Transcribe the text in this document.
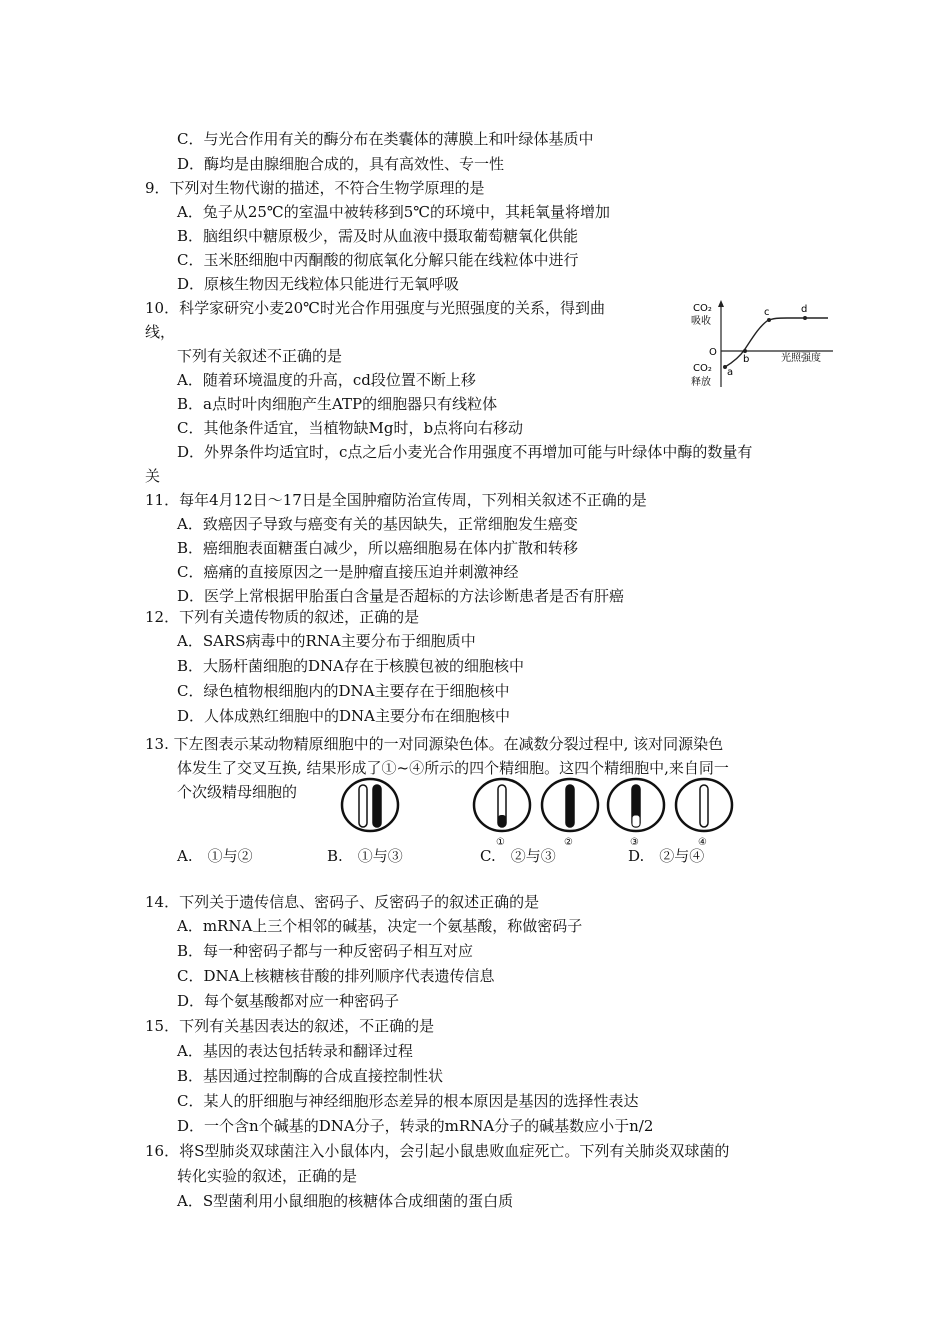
C．与光合作用有关的酶分布在类囊体的薄膜上和叶绿体基质中
D．酶均是由腺细胞合成的，具有高效性、专一性
9．下列对生物代谢的描述，不符合生物学原理的是
A．兔子从25℃的室温中被转移到5℃的环境中，其耗氧量将增加
B．脑组织中糖原极少，需及时从血液中摄取葡萄糖氧化供能
C．玉米胚细胞中丙酮酸的彻底氧化分解只能在线粒体中进行
D．原核生物因无线粒体只能进行无氧呼吸
10．科学家研究小麦20℃时光合作用强度与光照强度的关系，得到曲
线，
下列有关叙述不正确的是
A．随着环境温度的升高，cd段位置不断上移
B．a点时叶肉细胞产生ATP的细胞器只有线粒体
C．其他条件适宜，当植物缺Mg时，b点将向右移动
D．外界条件均适宜时，c点之后小麦光合作用强度不再增加可能与叶绿体中酶的数量有
关
CO₂
吸收
O
CO₂
释放
光照强度
a
b
c	d
11．每年4月12日～17日是全国肿瘤防治宣传周，下列相关叙述不正确的是
A．致癌因子导致与癌变有关的基因缺失，正常细胞发生癌变
B．癌细胞表面糖蛋白减少，所以癌细胞易在体内扩散和转移
C．癌痛的直接原因之一是肿瘤直接压迫并刺激神经
D．医学上常根据甲胎蛋白含量是否超标的方法诊断患者是否有肝癌
12．下列有关遗传物质的叙述，正确的是
A．SARS病毒中的RNA主要分布于细胞质中
B．大肠杆菌细胞的DNA存在于核膜包被的细胞核中
C．绿色植物根细胞内的DNA主要存在于细胞核中
D．人体成熟红细胞中的DNA主要分布在细胞核中
13. 下左图表示某动物精原细胞中的一对同源染色体。在减数分裂过程中, 该对同源染色
体发生了交叉互换, 结果形成了①~④所示的四个精细胞。这四个精细胞中,来自同一
个次级精母细胞的
①	②	③	④
A.　①与②	B.　①与③	C.　②与③	D.　②与④
14．下列关于遗传信息、密码子、反密码子的叙述正确的是
A．mRNA上三个相邻的碱基，决定一个氨基酸，称做密码子
B．每一种密码子都与一种反密码子相互对应
C．DNA上核糖核苷酸的排列顺序代表遗传信息
D．每个氨基酸都对应一种密码子
15．下列有关基因表达的叙述，不正确的是
A．基因的表达包括转录和翻译过程
B．基因通过控制酶的合成直接控制性状
C．某人的肝细胞与神经细胞形态差异的根本原因是基因的选择性表达
D．一个含n个碱基的DNA分子，转录的mRNA分子的碱基数应小于n/2
16．将S型肺炎双球菌注入小鼠体内，会引起小鼠患败血症死亡。下列有关肺炎双球菌的
转化实验的叙述，正确的是
A．S型菌利用小鼠细胞的核糖体合成细菌的蛋白质
